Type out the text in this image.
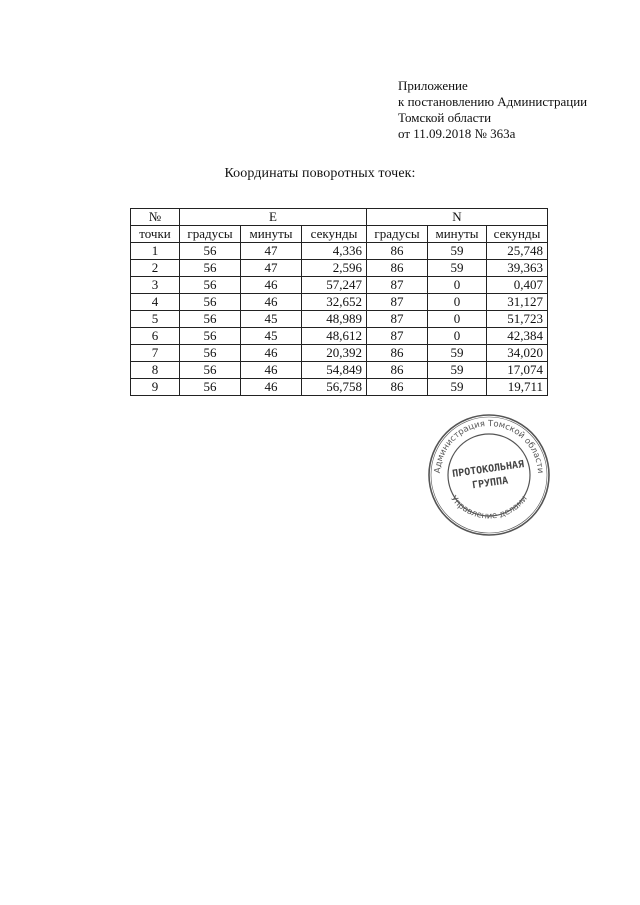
Приложение
к постановлению Администрации
Томской области
от 11.09.2018 № 363а
Координаты поворотных точек:
№	Е			N		
точки	градусы	минуты	секунды	градусы	минуты	секунды
1	56	47	4,336	86	59	25,748
2	56	47	2,596	86	59	39,363
3	56	46	57,247	87	0	0,407
4	56	46	32,652	87	0	31,127
5	56	45	48,989	87	0	51,723
6	56	45	48,612	87	0	42,384
7	56	46	20,392	86	59	34,020
8	56	46	54,849	86	59	17,074
9	56	46	56,758	86	59	19,711
Администрация Томской области
Управление делами
ПРОТОКОЛЬНАЯ
ГРУППА
